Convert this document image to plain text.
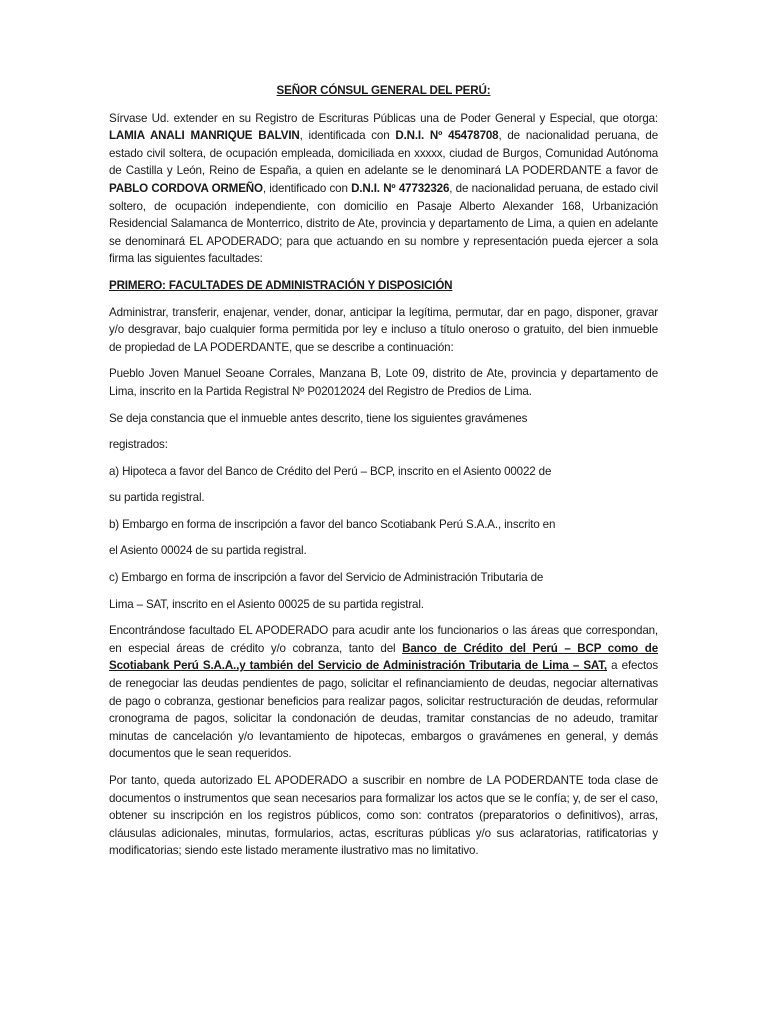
SEÑOR CÓNSUL GENERAL DEL PERÚ:
Sírvase Ud. extender en su Registro de Escrituras Públicas una de Poder General y Especial, que otorga: LAMIA ANALI MANRIQUE BALVIN, identificada con D.N.I. Nº 45478708, de nacionalidad peruana, de estado civil soltera, de ocupación empleada, domiciliada en xxxxx, ciudad de Burgos, Comunidad Autónoma de Castilla y León, Reino de España, a quien en adelante se le denominará LA PODERDANTE a favor de PABLO CORDOVA ORMEÑO, identificado con D.N.I. Nº 47732326, de nacionalidad peruana, de estado civil soltero, de ocupación independiente, con domicilio en Pasaje Alberto Alexander 168, Urbanización Residencial Salamanca de Monterrico, distrito de Ate, provincia y departamento de Lima, a quien en adelante se denominará EL APODERADO; para que actuando en su nombre y representación pueda ejercer a sola firma las siguientes facultades:
PRIMERO: FACULTADES DE ADMINISTRACIÓN Y DISPOSICIÓN
Administrar, transferir, enajenar, vender, donar, anticipar la legítima, permutar, dar en pago, disponer, gravar y/o desgravar, bajo cualquier forma permitida por ley e incluso a título oneroso o gratuito, del bien inmueble de propiedad de LA PODERDANTE, que se describe a continuación:
Pueblo Joven Manuel Seoane Corrales, Manzana B, Lote 09, distrito de Ate, provincia y departamento de Lima, inscrito en la Partida Registral Nº P02012024 del Registro de Predios de Lima.
Se deja constancia que el inmueble antes descrito, tiene los siguientes gravámenes
registrados:
a) Hipoteca a favor del Banco de Crédito del Perú – BCP, inscrito en el Asiento 00022 de
su partida registral.
b) Embargo en forma de inscripción a favor del banco Scotiabank Perú S.A.A., inscrito en
el Asiento 00024 de su partida registral.
c) Embargo en forma de inscripción a favor del Servicio de Administración Tributaria de
Lima – SAT, inscrito en el Asiento 00025 de su partida registral.
Encontrándose facultado EL APODERADO para acudir ante los funcionarios o las áreas que correspondan, en especial áreas de crédito y/o cobranza, tanto del Banco de Crédito del Perú – BCP como de Scotiabank Perú S.A.A.,y también del Servicio de Administración Tributaria de Lima – SAT, a efectos de renegociar las deudas pendientes de pago, solicitar el refinanciamiento de deudas, negociar alternativas de pago o cobranza, gestionar beneficios para realizar pagos, solicitar restructuración de deudas, reformular cronograma de pagos, solicitar la condonación de deudas, tramitar constancias de no adeudo, tramitar minutas de cancelación y/o levantamiento de hipotecas, embargos o gravámenes en general, y demás documentos que le sean requeridos.
Por tanto, queda autorizado EL APODERADO a suscribir en nombre de LA PODERDANTE toda clase de documentos o instrumentos que sean necesarios para formalizar los actos que se le confía; y, de ser el caso, obtener su inscripción en los registros públicos, como son: contratos (preparatorios o definitivos), arras, cláusulas adicionales, minutas, formularios, actas, escrituras públicas y/o sus aclaratorias, ratificatorias y modificatorias; siendo este listado meramente ilustrativo mas no limitativo.
